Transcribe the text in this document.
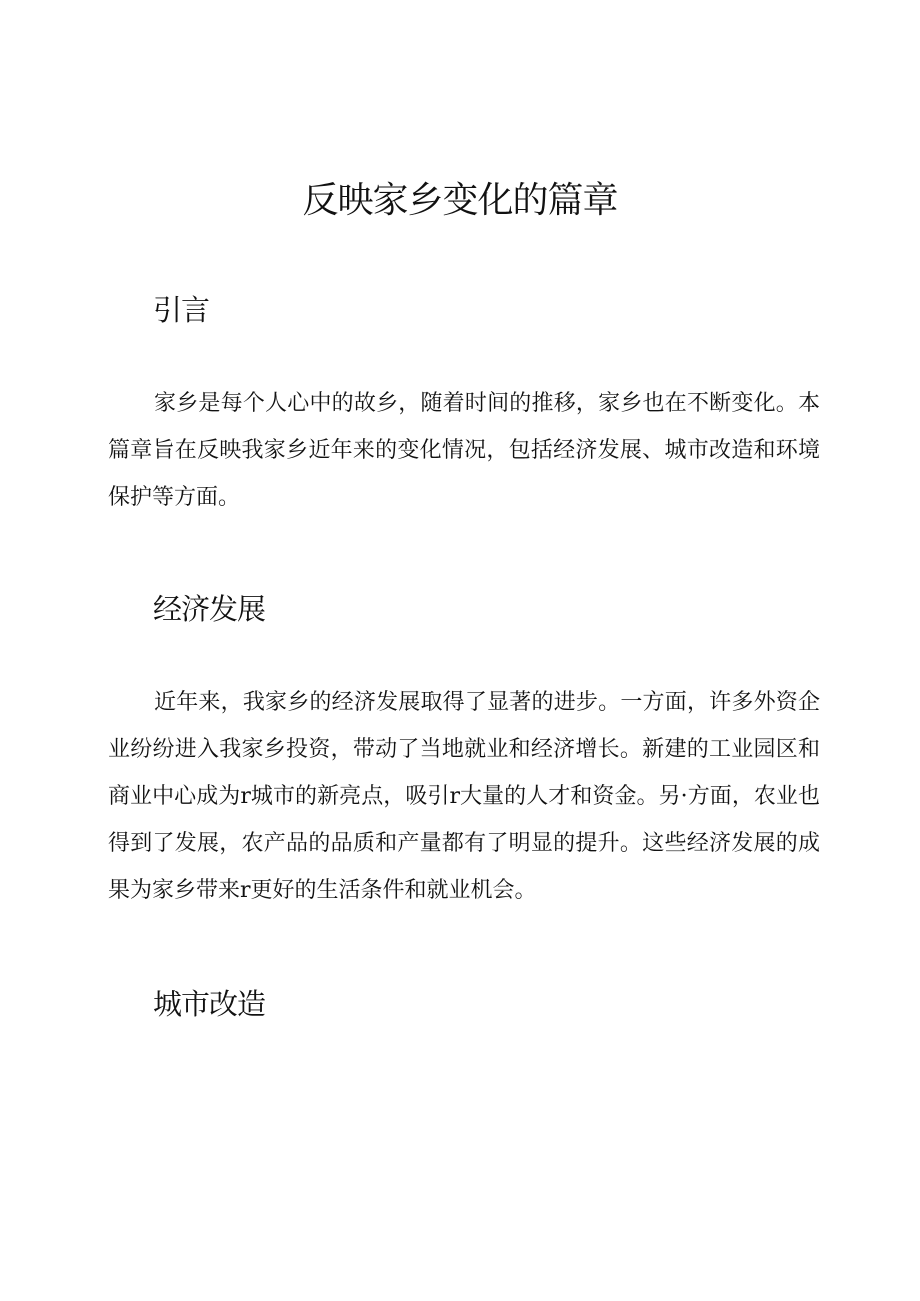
反映家乡变化的篇章
引言

家乡是每个人心中的故乡，随着时间的推移，家乡也在不断变化。本篇章旨在反映我家乡近年来的变化情况，包括经济发展、城市改造和环境保护等方面。

经济发展

近年来，我家乡的经济发展取得了显著的进步。一方面，许多外资企业纷纷进入我家乡投资，带动了当地就业和经济增长。新建的工业园区和商业中心成为r城市的新亮点，吸引r大量的人才和资金。另·方面，农业也得到了发展，农产品的品质和产量都有了明显的提升。这些经济发展的成果为家乡带来r更好的生活条件和就业机会。

城市改造
